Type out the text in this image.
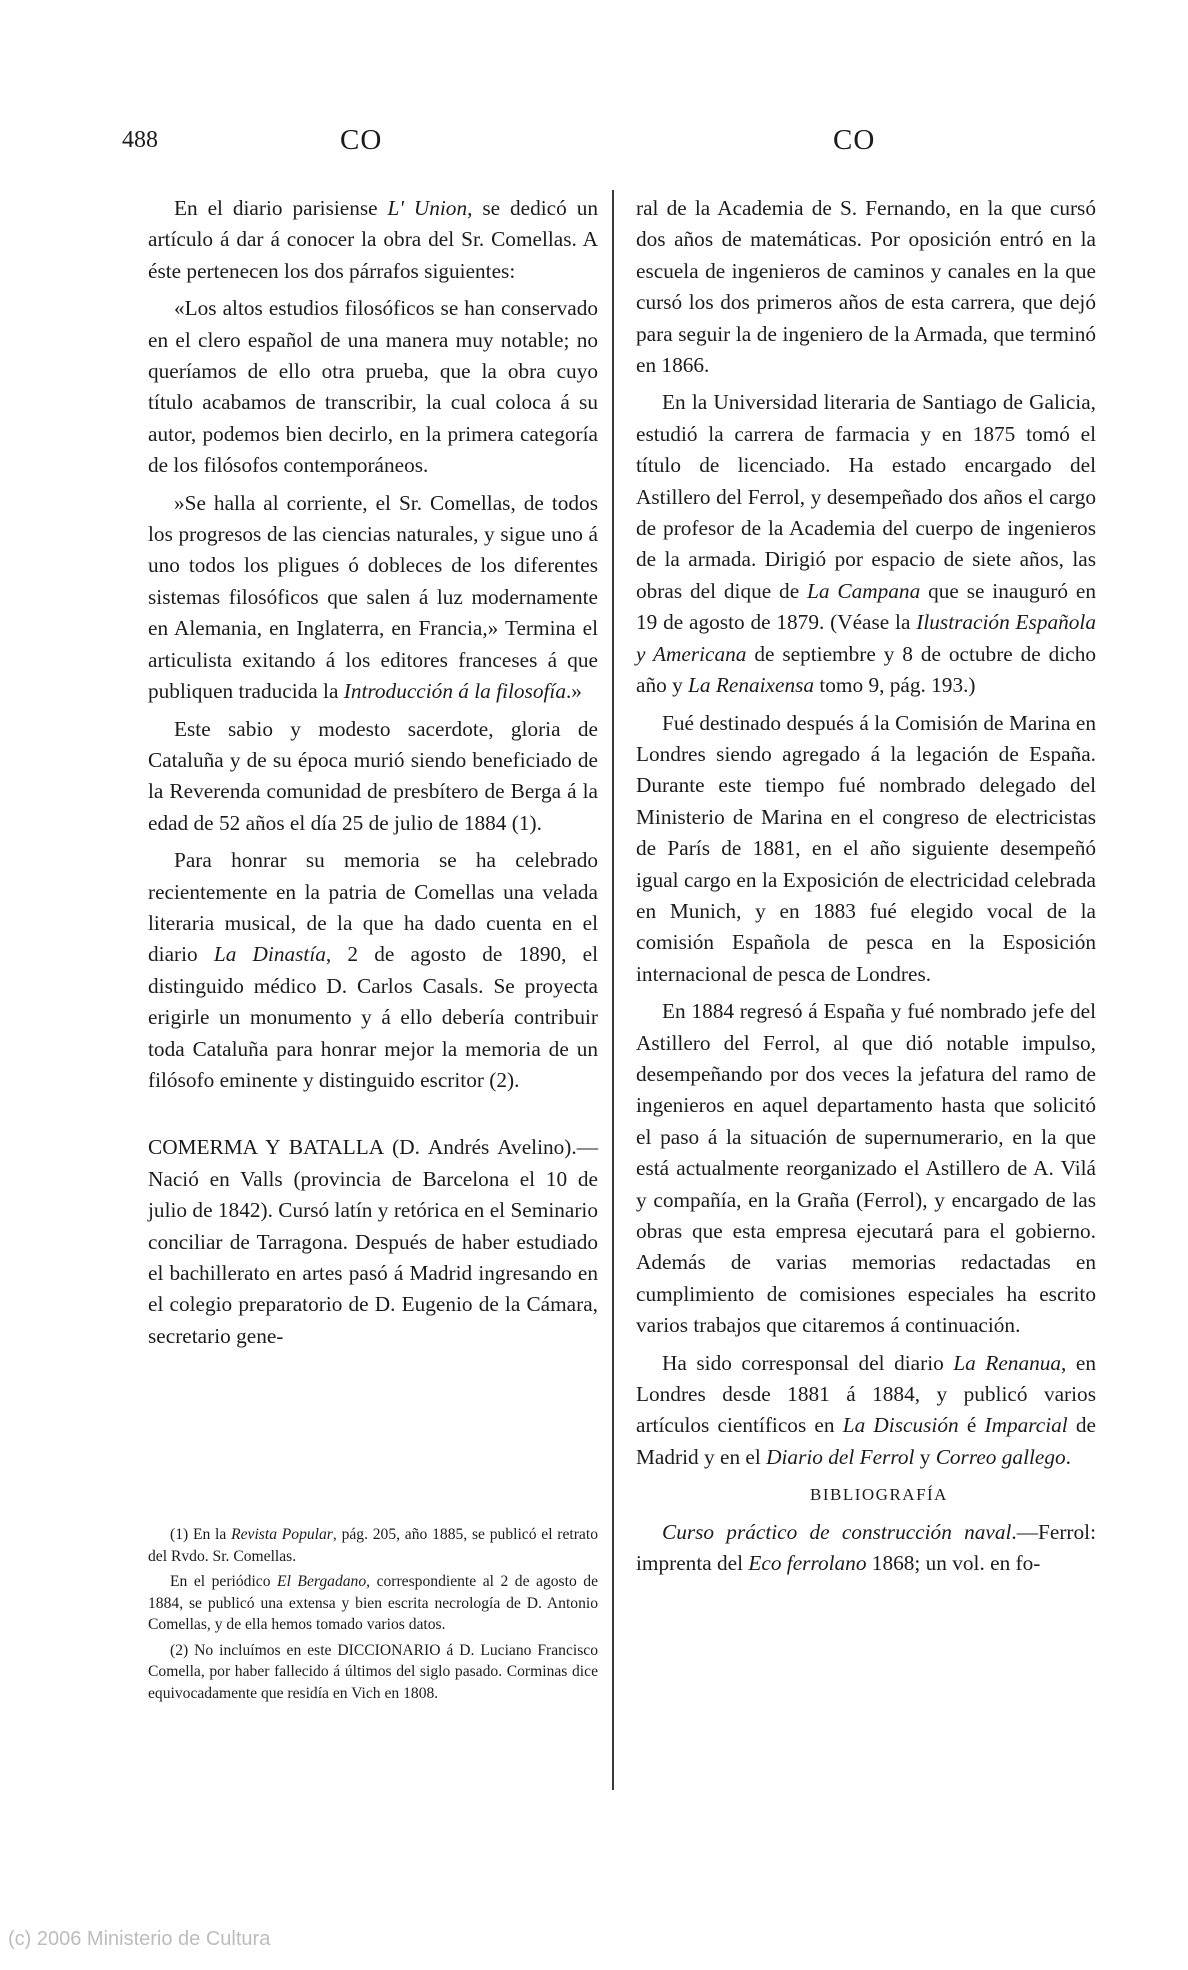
488	CO	CO

En el diario parisiense L' Union, se dedicó un artículo á dar á conocer la obra del Sr. Comellas. A éste pertenecen los dos párrafos siguientes:

«Los altos estudios filosóficos se han conservado en el clero español de una manera muy notable; no queríamos de ello otra prueba, que la obra cuyo título acabamos de transcribir, la cual coloca á su autor, podemos bien decirlo, en la primera categoría de los filósofos contemporáneos.

»Se halla al corriente, el Sr. Comellas, de todos los progresos de las ciencias naturales, y sigue uno á uno todos los pligues ó dobleces de los diferentes sistemas filosóficos que salen á luz modernamente en Alemania, en Inglaterra, en Francia,» Termina el articulista exitando á los editores franceses á que publiquen traducida la Introducción á la filosofía.»

Este sabio y modesto sacerdote, gloria de Cataluña y de su época murió siendo beneficiado de la Reverenda comunidad de presbítero de Berga á la edad de 52 años el día 25 de julio de 1884 (1).

Para honrar su memoria se ha celebrado recientemente en la patria de Comellas una velada literaria musical, de la que ha dado cuenta en el diario La Dinastía, 2 de agosto de 1890, el distinguido médico D. Carlos Casals. Se proyecta erigirle un monumento y á ello debería contribuir toda Cataluña para honrar mejor la memoria de un filósofo eminente y distinguido escritor (2).

COMERMA Y BATALLA (D. Andrés Avelino).—Nació en Valls (provincia de Barcelona el 10 de julio de 1842). Cursó latín y retórica en el Seminario conciliar de Tarragona. Después de haber estudiado el bachillerato en artes pasó á Madrid ingresando en el colegio preparatorio de D. Eugenio de la Cámara, secretario gene-

(1) En la Revista Popular, pág. 205, año 1885, se publicó el retrato del Rvdo. Sr. Comellas.

En el periódico El Bergadano, correspondiente al 2 de agosto de 1884, se publicó una extensa y bien escrita necrología de D. Antonio Comellas, y de ella hemos tomado varios datos.

(2) No incluímos en este DICCIONARIO á D. Luciano Francisco Comella, por haber fallecido á últimos del siglo pasado. Corminas dice equivocadamente que residía en Vich en 1808.

ral de la Academia de S. Fernando, en la que cursó dos años de matemáticas. Por oposición entró en la escuela de ingenieros de caminos y canales en la que cursó los dos primeros años de esta carrera, que dejó para seguir la de ingeniero de la Armada, que terminó en 1866.

En la Universidad literaria de Santiago de Galicia, estudió la carrera de farmacia y en 1875 tomó el título de licenciado. Ha estado encargado del Astillero del Ferrol, y desempeñado dos años el cargo de profesor de la Academia del cuerpo de ingenieros de la armada. Dirigió por espacio de siete años, las obras del dique de La Campana que se inauguró en 19 de agosto de 1879. (Véase la Ilustración Española y Americana de septiembre y 8 de octubre de dicho año y La Renaixensa tomo 9, pág. 193.)

Fué destinado después á la Comisión de Marina en Londres siendo agregado á la legación de España. Durante este tiempo fué nombrado delegado del Ministerio de Marina en el congreso de electricistas de París de 1881, en el año siguiente desempeñó igual cargo en la Exposición de electricidad celebrada en Munich, y en 1883 fué elegido vocal de la comisión Española de pesca en la Esposición internacional de pesca de Londres.

En 1884 regresó á España y fué nombrado jefe del Astillero del Ferrol, al que dió notable impulso, desempeñando por dos veces la jefatura del ramo de ingenieros en aquel departamento hasta que solicitó el paso á la situación de supernumerario, en la que está actualmente reorganizado el Astillero de A. Vilá y compañía, en la Graña (Ferrol), y encargado de las obras que esta empresa ejecutará para el gobierno. Además de varias memorias redactadas en cumplimiento de comisiones especiales ha escrito varios trabajos que citaremos á continuación.

Ha sido corresponsal del diario La Renanua, en Londres desde 1881 á 1884, y publicó varios artículos científicos en La Discusión é Imparcial de Madrid y en el Diario del Ferrol y Correo gallego.

BIBLIOGRAFÍA

Curso práctico de construcción naval.—Ferrol: imprenta del Eco ferrolano 1868; un vol. en fo-

(c) 2006 Ministerio de Cultura
